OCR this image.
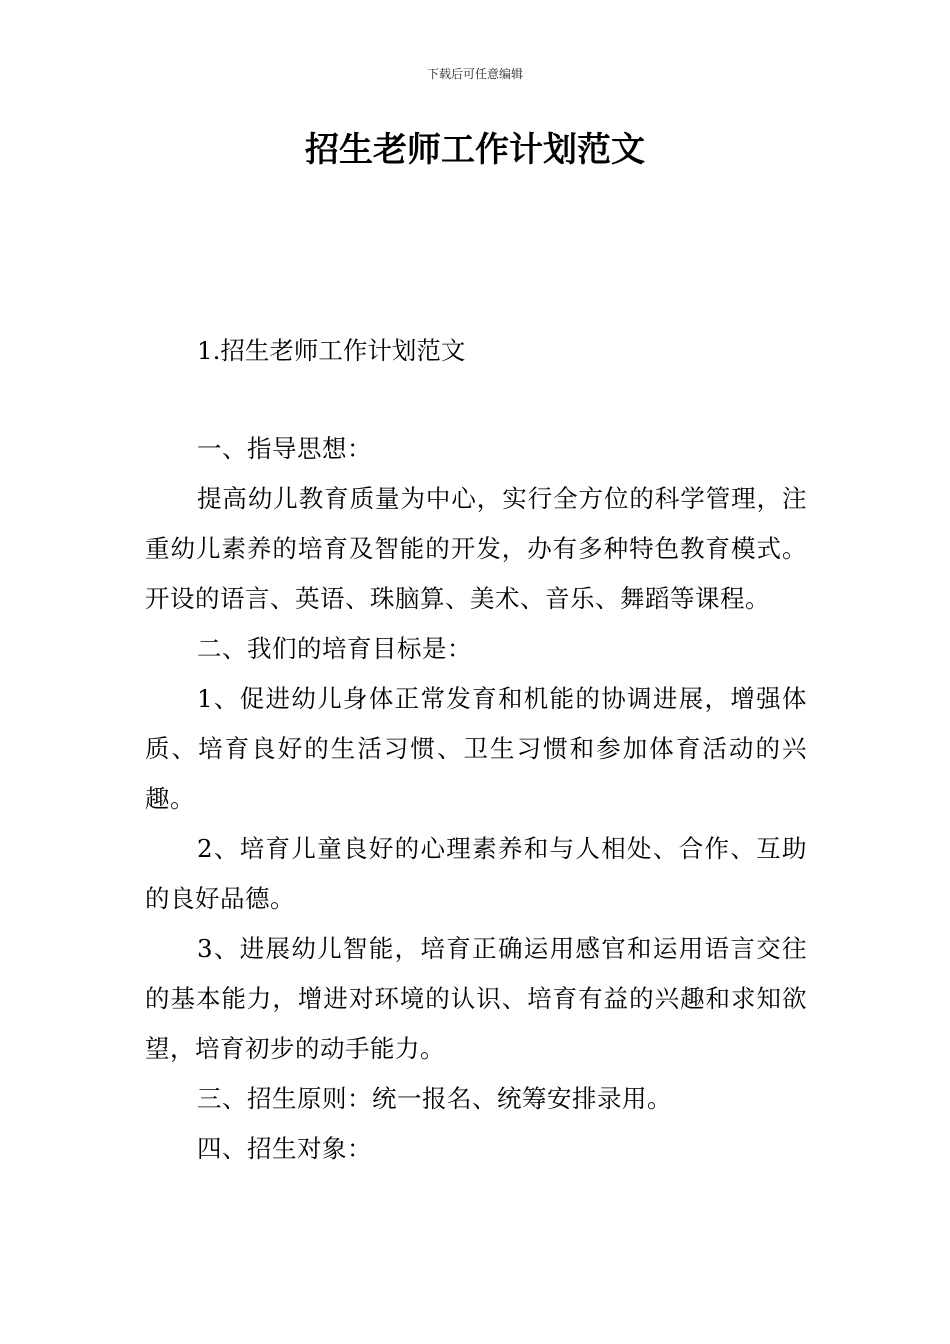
下载后可任意编辑
招生老师工作计划范文
1.招生老师工作计划范文

一、指导思想：

提高幼儿教育质量为中心，实行全方位的科学管理，注重幼儿素养的培育及智能的开发，办有多种特色教育模式。开设的语言、英语、珠脑算、美术、音乐、舞蹈等课程。

二、我们的培育目标是：

1、促进幼儿身体正常发育和机能的协调进展，增强体质、培育良好的生活习惯、卫生习惯和参加体育活动的兴趣。

2、培育儿童良好的心理素养和与人相处、合作、互助的良好品德。

3、进展幼儿智能，培育正确运用感官和运用语言交往的基本能力，增进对环境的认识、培育有益的兴趣和求知欲 望，培育初步的动手能力。

三、招生原则：统一报名、统筹安排录用。

四、招生对象：
